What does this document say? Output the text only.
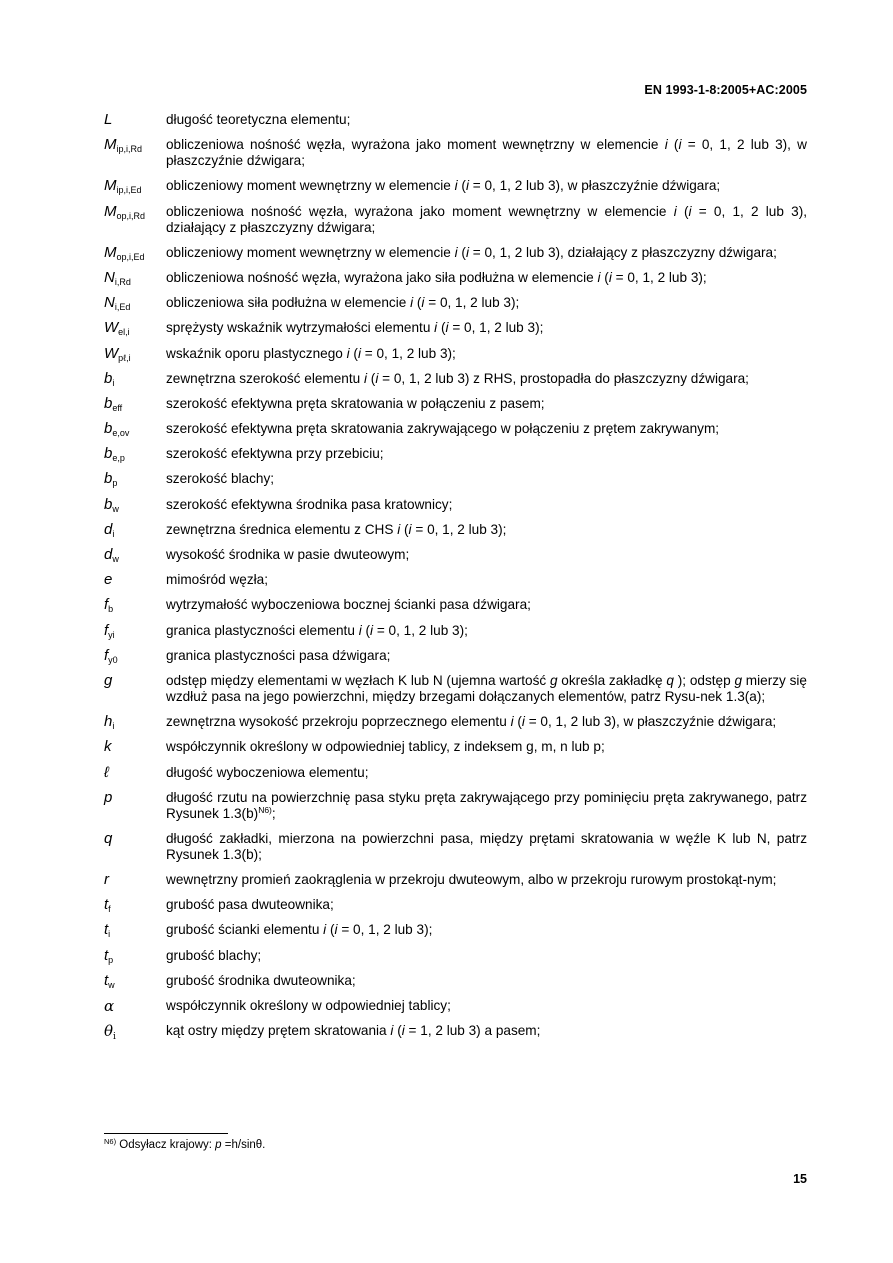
EN 1993-1-8:2005+AC:2005
L	długość teoretyczna elementu;
$M_{ip,i,Rd}$	obliczeniowa nośność węzła, wyrażona jako moment wewnętrzny w elemencie i (i = 0, 1, 2 lub 3), w płaszczyźnie dźwigara;
$M_{ip,i,Ed}$	obliczeniowy moment wewnętrzny w elemencie i (i = 0, 1, 2 lub 3), w płaszczyźnie dźwigara;
$M_{op,i,Rd}$	obliczeniowa nośność węzła, wyrażona jako moment wewnętrzny w elemencie i (i = 0, 1, 2 lub 3), działający z płaszczyzny dźwigara;
$M_{op,i,Ed}$	obliczeniowy moment wewnętrzny w elemencie i (i = 0, 1, 2 lub 3), działający z płaszczyzny dźwigara;
$N_{i,Rd}$	obliczeniowa nośność węzła, wyrażona jako siła podłużna w elemencie i (i = 0, 1, 2 lub 3);
$N_{i,Ed}$	obliczeniowa siła podłużna w elemencie i (i = 0, 1, 2 lub 3);
$W_{el,i}$	sprężysty wskaźnik wytrzymałości elementu i (i = 0, 1, 2 lub 3);
$W_{p\ell,i}$	wskaźnik oporu plastycznego i (i = 0, 1, 2 lub 3);
$b_i$	zewnętrzna szerokość elementu i (i = 0, 1, 2 lub 3) z RHS, prostopadła do płaszczyzny dźwigara;
$b_{eff}$	szerokość efektywna pręta skratowania w połączeniu z pasem;
$b_{e,ov}$	szerokość efektywna pręta skratowania zakrywającego w połączeniu z prętem zakrywanym;
$b_{e,p}$	szerokość efektywna przy przebiciu;
$b_p$	szerokość blachy;
$b_w$	szerokość efektywna środnika pasa kratownicy;
$d_i$	zewnętrzna średnica elementu z CHS i (i = 0, 1, 2 lub 3);
$d_w$	wysokość środnika w pasie dwuteowym;
e	mimośród węzła;
$f_b$	wytrzymałość wyboczeniowa bocznej ścianki pasa dźwigara;
$f_{yi}$	granica plastyczności elementu i (i = 0, 1, 2 lub 3);
$f_{y0}$	granica plastyczności pasa dźwigara;
g	odstęp między elementami w węzłach K lub N (ujemna wartość g określa zakładkę q ); odstęp g mierzy się wzdłuż pasa na jego powierzchni, między brzegami dołączanych elementów, patrz Rysu-nek 1.3(a);
$h_i$	zewnętrzna wysokość przekroju poprzecznego elementu i (i = 0, 1, 2 lub 3), w płaszczyźnie dźwigara;
k	współczynnik określony w odpowiedniej tablicy, z indeksem g, m, n lub p;
ℓ	długość wyboczeniowa elementu;
p	długość rzutu na powierzchnię pasa styku pręta zakrywającego przy pominięciu pręta zakrywanego, patrz Rysunek $1.3(b)^{N6)}$;
q	długość zakładki, mierzona na powierzchni pasa, między prętami skratowania w węźle K lub N, patrz Rysunek 1.3(b);
r	wewnętrzny promień zaokrąglenia w przekroju dwuteowym, albo w przekroju rurowym prostokąt-nym;
$t_f$	grubość pasa dwuteownika;
$t_i$	grubość ścianki elementu i (i = 0, 1, 2 lub 3);
$t_p$	grubość blachy;
$t_w$	grubość środnika dwuteownika;
α	współczynnik określony w odpowiedniej tablicy;
$\theta_i$	kąt ostry między prętem skratowania i (i = 1, 2 lub 3) a pasem;
$^{N6)}$ Odsyłacz krajowy: p =h/sinθ.
15
